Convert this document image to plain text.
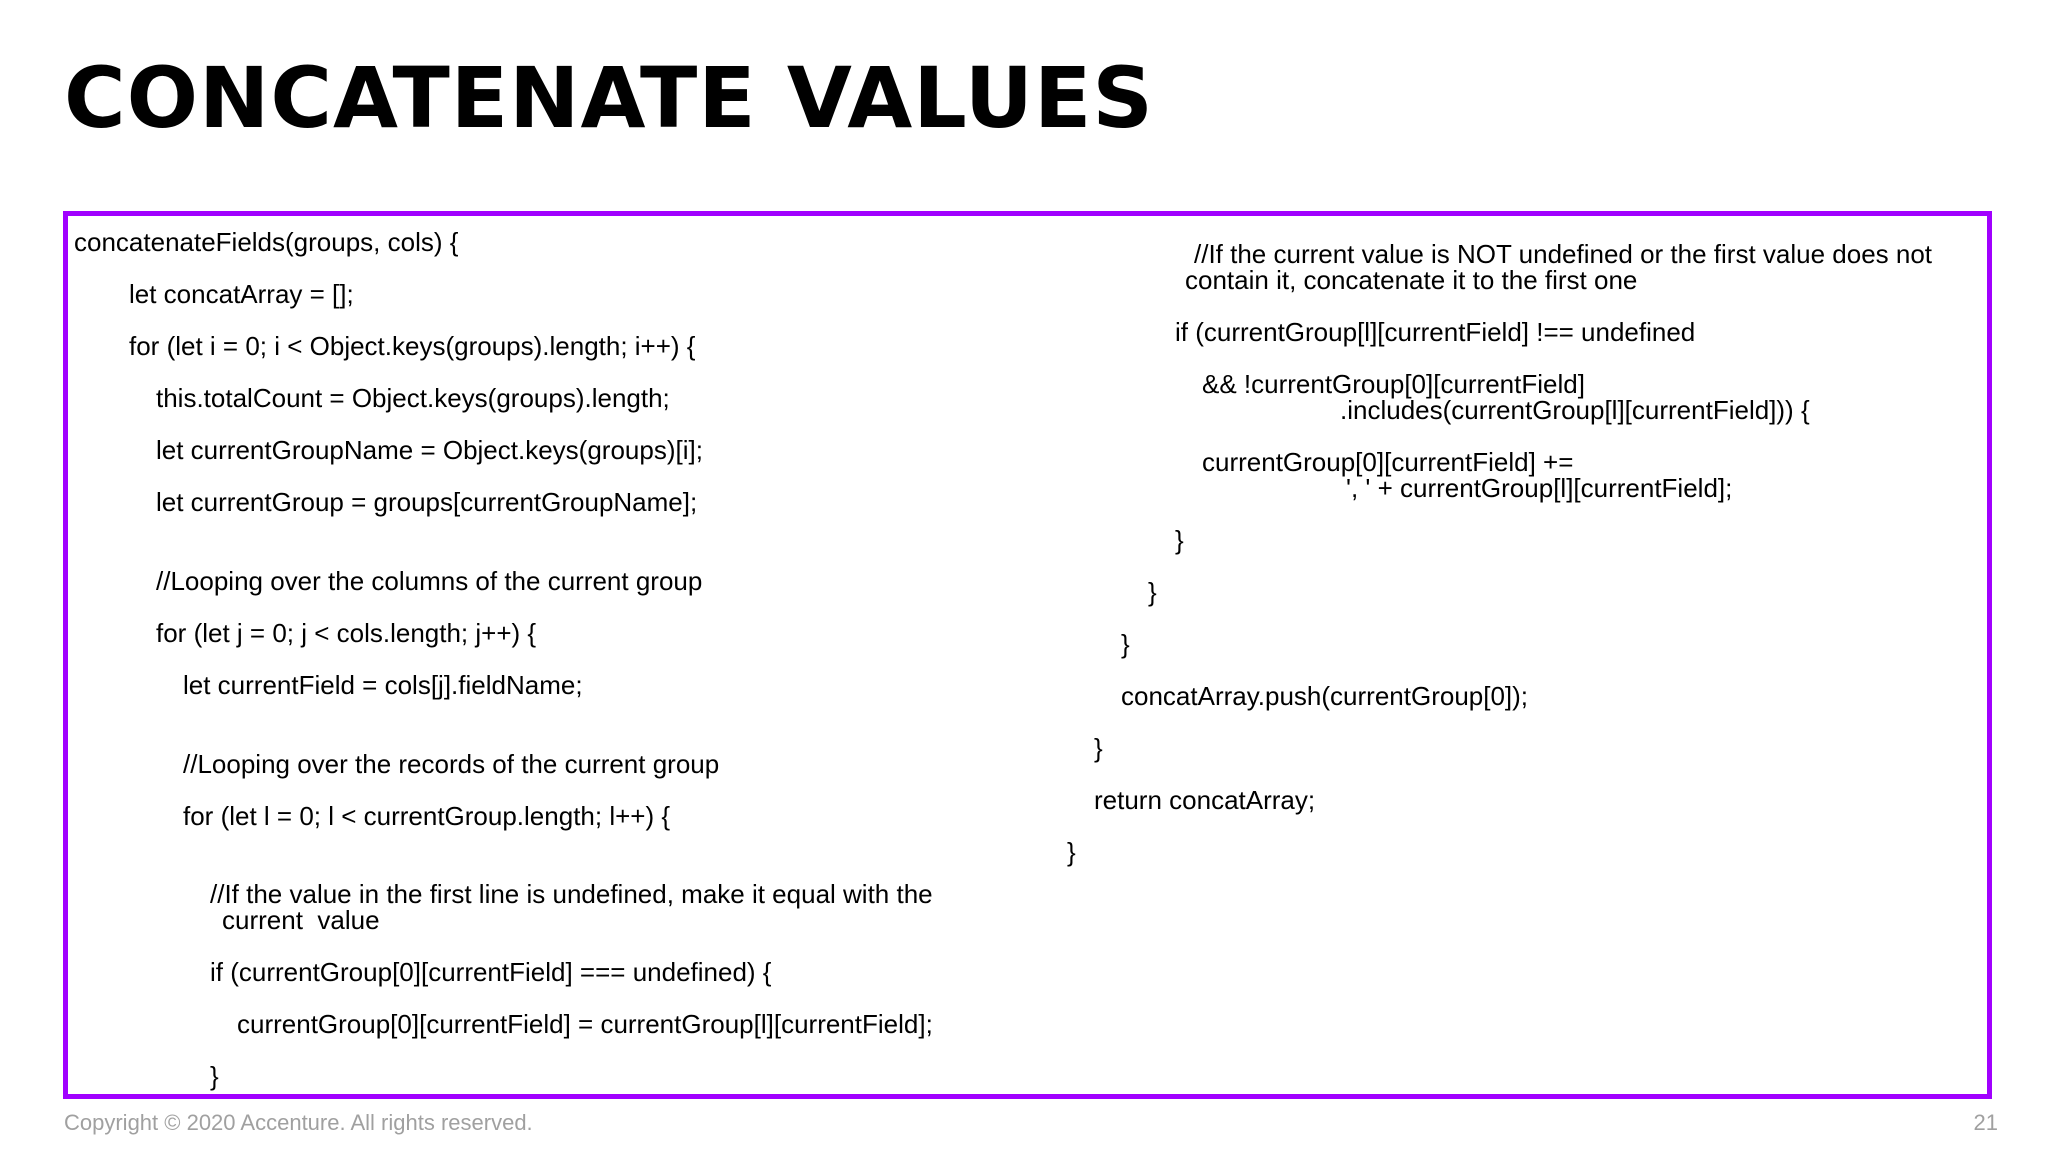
CONCATENATE VALUES
concatenateFields(groups, cols) {
let concatArray = [];
for (let i = 0; i < Object.keys(groups).length; i++) {
this.totalCount = Object.keys(groups).length;
let currentGroupName = Object.keys(groups)[i];
let currentGroup = groups[currentGroupName];
//Looping over the columns of the current group
for (let j = 0; j < cols.length; j++) {
let currentField = cols[j].fieldName;
//Looping over the records of the current group
for (let l = 0; l < currentGroup.length; l++) {
//If the value in the first line is undefined, make it equal with the
current  value
if (currentGroup[0][currentField] === undefined) {
currentGroup[0][currentField] = currentGroup[l][currentField];
}
//If the current value is NOT undefined or the first value does not
contain it, concatenate it to the first one
if (currentGroup[l][currentField] !== undefined
&& !currentGroup[0][currentField]
.includes(currentGroup[l][currentField])) {
currentGroup[0][currentField] +=
', ' + currentGroup[l][currentField];
}
}
}
concatArray.push(currentGroup[0]);
}
return concatArray;
}
Copyright © 2020 Accenture. All rights reserved.	21
